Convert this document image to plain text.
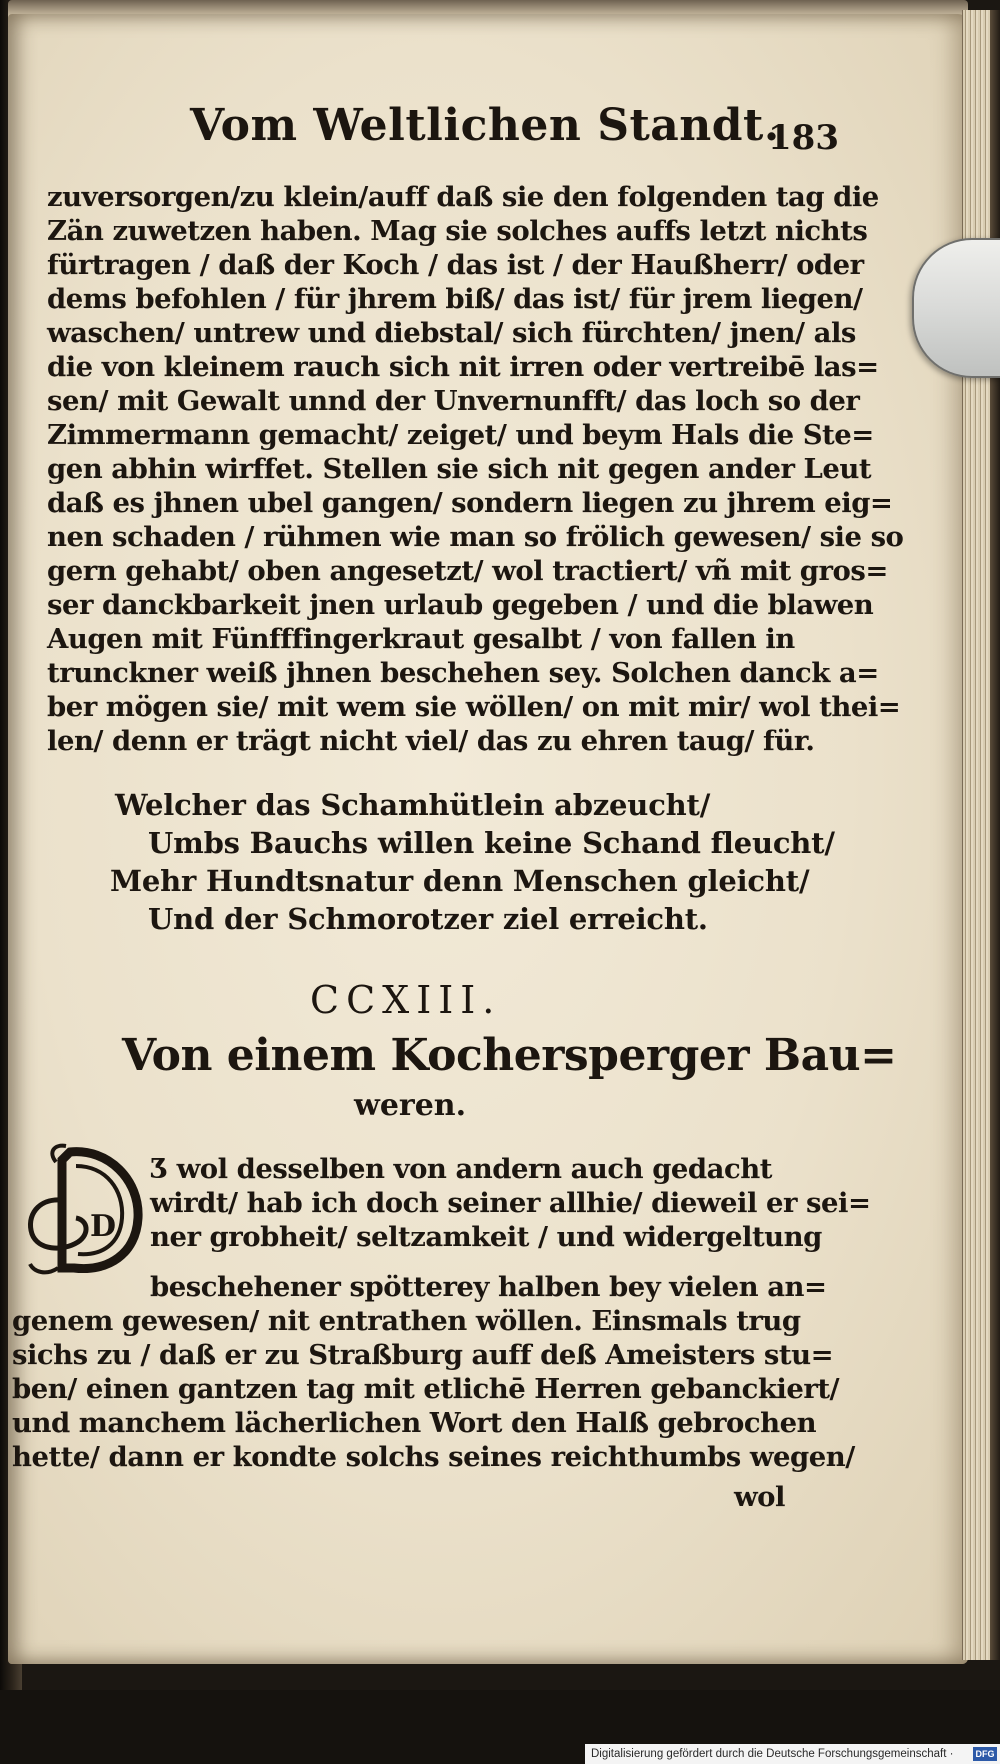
Vom Weltlichen Standt.
183
zuversorgen/zu klein/auff daß sie den folgenden tag die
Zän zuwetzen haben. Mag sie solches auffs letzt nichts
fürtragen / daß der Koch / das ist / der Haußherr/ oder
dems befohlen / für jhrem biß/ das ist/ für jrem liegen/
waschen/ untrew und diebstal/ sich fürchten/ jnen/ als
die von kleinem rauch sich nit irren oder vertreibē las=
sen/ mit Gewalt unnd der Unvernunfft/ das loch so der
Zimmermann gemacht/ zeiget/ und beym Hals die Ste=
gen abhin wirffet. Stellen sie sich nit gegen ander Leut
daß es jhnen ubel gangen/ sondern liegen zu jhrem eig=
nen schaden / rühmen wie man so frölich gewesen/ sie so
gern gehabt/ oben angesetzt/ wol tractiert/ vñ mit gros=
ser danckbarkeit jnen urlaub gegeben / und die blawen
Augen mit Fünfffingerkraut gesalbt / von fallen in
trunckner weiß jhnen beschehen sey. Solchen danck a=
ber mögen sie/ mit wem sie wöllen/ on mit mir/ wol thei=
len/ denn er trägt nicht viel/ das zu ehren taug/ für.
Welcher das Schamhütlein abzeucht/
Umbs Bauchs willen keine Schand fleucht/
Mehr Hundtsnatur denn Menschen gleicht/
Und der Schmorotzer ziel erreicht.
CCXIII.
Von einem Kochersperger Bau=
weren.
D
Ʒ wol desselben von andern auch gedacht
wirdt/ hab ich doch seiner allhie/ dieweil er sei=
ner grobheit/ seltzamkeit / und widergeltung
beschehener spötterey halben bey vielen an=
genem gewesen/ nit entrathen wöllen. Einsmals trug
sichs zu / daß er zu Straßburg auff deß Ameisters stu=
ben/ einen gantzen tag mit etlichē Herren gebanckiert/
und manchem lächerlichen Wort den Halß gebrochen
hette/ dann er kondte solchs seines reichthumbs wegen/
wol
Digitalisierung gefördert durch die Deutsche Forschungsgemeinschaft ·	DFG
